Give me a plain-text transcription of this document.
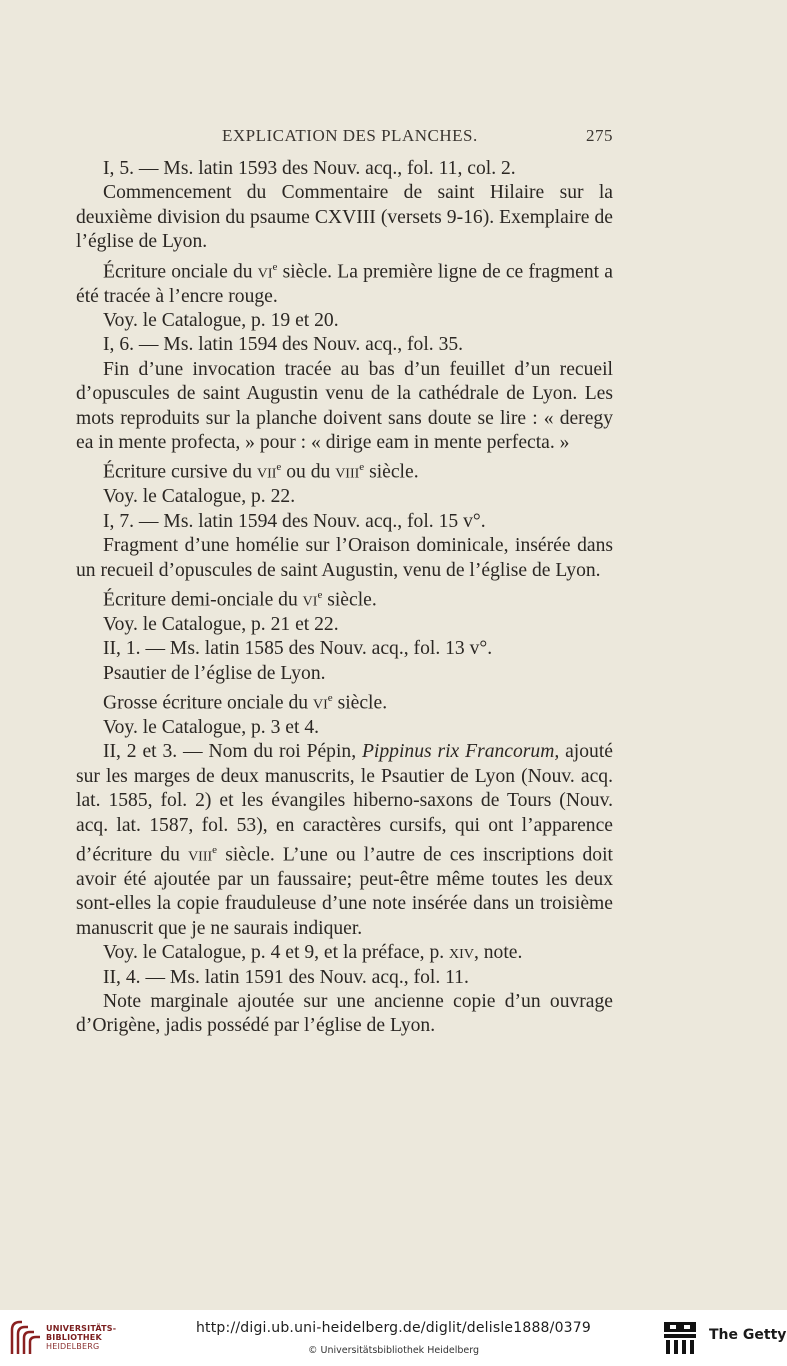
EXPLICATION DES PLANCHES.	275

I, 5. — Ms. latin 1593 des Nouv. acq., fol. 11, col. 2.

Commencement du Commentaire de saint Hilaire sur la deuxième division du psaume CXVIII (versets 9-16). Exemplaire de l’église de Lyon.

Écriture onciale du $vi^e$ siècle. La première ligne de ce fragment a été tracée à l’encre rouge.

Voy. le Catalogue, p. 19 et 20.

I, 6. — Ms. latin 1594 des Nouv. acq., fol. 35.

Fin d’une invocation tracée au bas d’un feuillet d’un recueil d’opuscules de saint Augustin venu de la cathédrale de Lyon. Les mots reproduits sur la planche doivent sans doute se lire : « deregy ea in mente profecta, » pour : « dirige eam in mente perfecta. »

Écriture cursive du vii$^e$ ou du viii$^e$ siècle.

Voy. le Catalogue, p. 22.

I, 7. — Ms. latin 1594 des Nouv. acq., fol. 15 v°.

Fragment d’une homélie sur l’Oraison dominicale, insérée dans un recueil d’opuscules de saint Augustin, venu de l’église de Lyon.

Écriture demi-onciale du $vi^e$ siècle.

Voy. le Catalogue, p. 21 et 22.

II, 1. — Ms. latin 1585 des Nouv. acq., fol. 13 v°.

Psautier de l’église de Lyon.

Grosse écriture onciale du $vi^e$ siècle.

Voy. le Catalogue, p. 3 et 4.

II, 2 et 3. — Nom du roi Pépin, Pippinus rix Francorum, ajouté sur les marges de deux manuscrits, le Psautier de Lyon (Nouv. acq. lat. 1585, fol. 2) et les évangiles hiberno-saxons de Tours (Nouv. acq. lat. 1587, fol. 53), en caractères cursifs, qui ont l’apparence d’écriture du viii$^e$ siècle. L’une ou l’autre de ces inscriptions doit avoir été ajoutée par un faussaire; peut-être même toutes les deux sont-elles la copie frauduleuse d’une note insérée dans un troisième manuscrit que je ne saurais indiquer.

Voy. le Catalogue, p. 4 et 9, et la préface, p. xiv, note.

II, 4. — Ms. latin 1591 des Nouv. acq., fol. 11.

Note marginale ajoutée sur une ancienne copie d’un ouvrage d’Origène, jadis possédé par l’église de Lyon.

UNIVERSITÄTS-
BIBLIOTHEK
HEIDELBERG
http://digi.ub.uni-heidelberg.de/diglit/delisle1888/0379
© Universitätsbibliothek Heidelberg
The Getty
